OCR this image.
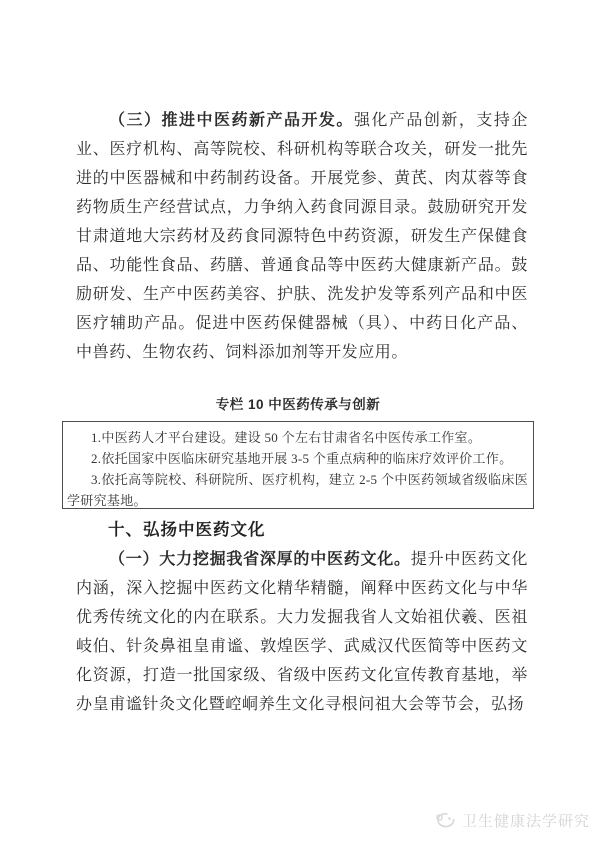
（三）推进中医药新产品开发。强化产品创新，支持企业、医疗机构、高等院校、科研机构等联合攻关，研发一批先进的中医器械和中药制药设备。开展党参、黄芪、肉苁蓉等食药物质生产经营试点，力争纳入药食同源目录。鼓励研究开发甘肃道地大宗药材及药食同源特色中药资源，研发生产保健食品、功能性食品、药膳、普通食品等中医药大健康新产品。鼓励研发、生产中医药美容、护肤、洗发护发等系列产品和中医医疗辅助产品。促进中医药保健器械（具）、中药日化产品、中兽药、生物农药、饲料添加剂等开发应用。

专栏 10 中医药传承与创新

1.中医药人才平台建设。建设 50 个左右甘肃省名中医传承工作室。

2.依托国家中医临床研究基地开展 3-5 个重点病种的临床疗效评价工作。

3.依托高等院校、科研院所、医疗机构，建立 2-5 个中医药领域省级临床医学研究基地。

十、弘扬中医药文化

（一）大力挖掘我省深厚的中医药文化。提升中医药文化内涵，深入挖掘中医药文化精华精髓，阐释中医药文化与中华优秀传统文化的内在联系。大力发掘我省人文始祖伏羲、医祖岐伯、针灸鼻祖皇甫谧、敦煌医学、武威汉代医简等中医药文化资源，打造一批国家级、省级中医药文化宣传教育基地，举办皇甫谧针灸文化暨崆峒养生文化寻根问祖大会等节会，弘扬

卫生健康法学研究
